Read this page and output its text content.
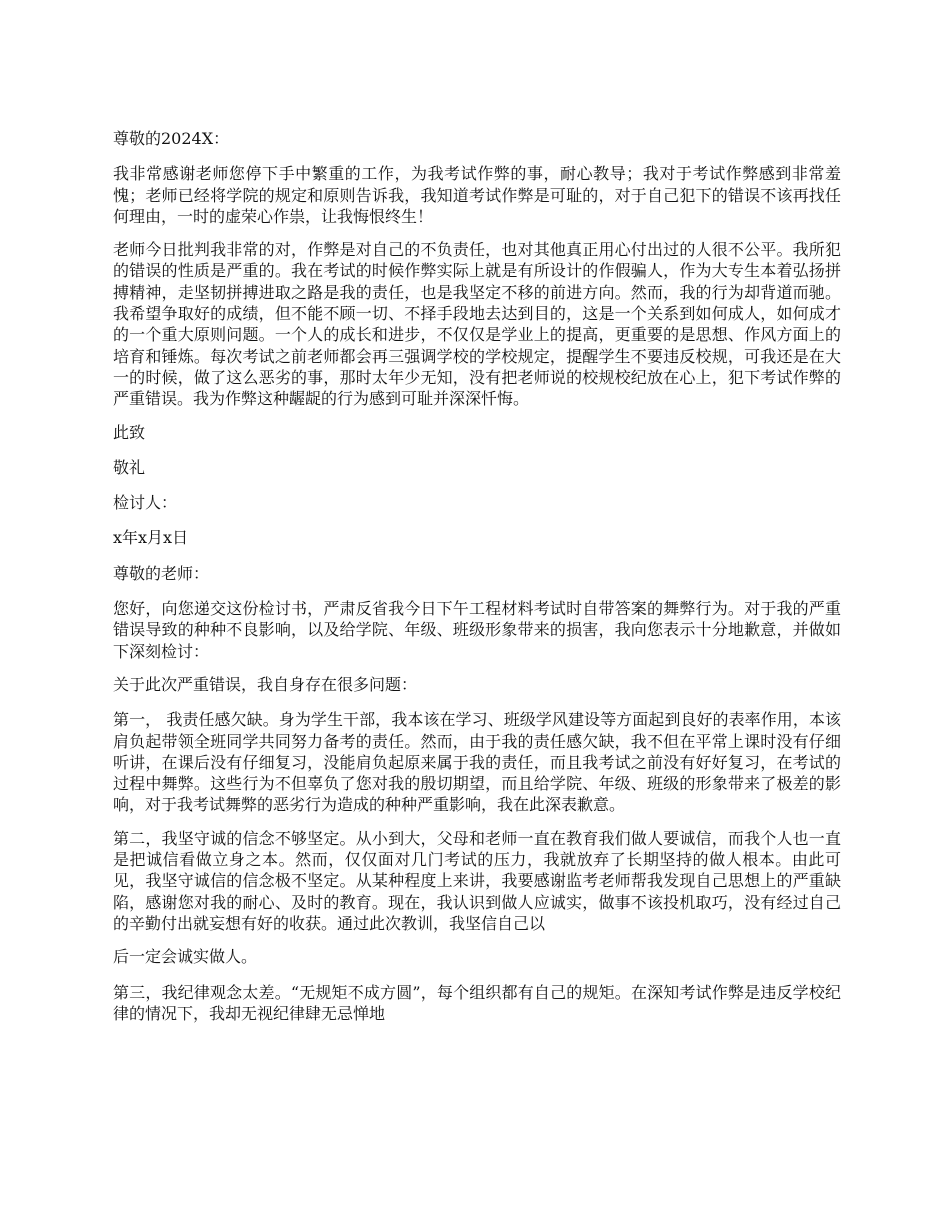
尊敬的2024X：

我非常感谢老师您停下手中繁重的工作，为我考试作弊的事，耐心教导；我对于考试作弊感到非常羞愧；老师已经将学院的规定和原则告诉我，我知道考试作弊是可耻的，对于自己犯下的错误不该再找任何理由，一时的虚荣心作祟，让我悔恨终生！

老师今日批判我非常的对，作弊是对自己的不负责任，也对其他真正用心付出过的人很不公平。我所犯的错误的性质是严重的。我在考试的时候作弊实际上就是有所设计的作假骗人，作为大专生本着弘扬拼搏精神，走坚韧拼搏进取之路是我的责任，也是我坚定不移的前进方向。然而，我的行为却背道而驰。我希望争取好的成绩，但不能不顾一切、不择手段地去达到目的，这是一个关系到如何成人，如何成才的一个重大原则问题。一个人的成长和进步，不仅仅是学业上的提高，更重要的是思想、作风方面上的培育和锤炼。每次考试之前老师都会再三强调学校的学校规定，提醒学生不要违反校规，可我还是在大一的时候，做了这么恶劣的事，那时太年少无知，没有把老师说的校规校纪放在心上，犯下考试作弊的严重错误。我为作弊这种龌龊的行为感到可耻并深深忏悔。

此致

敬礼

检讨人：

x年x月x日

尊敬的老师：

您好，向您递交这份检讨书，严肃反省我今日下午工程材料考试时自带答案的舞弊行为。对于我的严重错误导致的种种不良影响，以及给学院、年级、班级形象带来的损害，我向您表示十分地歉意，并做如下深刻检讨：

关于此次严重错误，我自身存在很多问题：

第一， 我责任感欠缺。身为学生干部，我本该在学习、班级学风建设等方面起到良好的表率作用，本该肩负起带领全班同学共同努力备考的责任。然而，由于我的责任感欠缺，我不但在平常上课时没有仔细听讲，在课后没有仔细复习，没能肩负起原来属于我的责任，而且我考试之前没有好好复习，在考试的过程中舞弊。这些行为不但辜负了您对我的殷切期望，而且给学院、年级、班级的形象带来了极差的影响，对于我考试舞弊的恶劣行为造成的种种严重影响，我在此深表歉意。

第二，我坚守诚的信念不够坚定。从小到大，父母和老师一直在教育我们做人要诚信，而我个人也一直是把诚信看做立身之本。然而，仅仅面对几门考试的压力，我就放弃了长期坚持的做人根本。由此可见，我坚守诚信的信念极不坚定。从某种程度上来讲，我要感谢监考老师帮我发现自己思想上的严重缺陷，感谢您对我的耐心、及时的教育。现在，我认识到做人应诚实，做事不该投机取巧，没有经过自己的辛勤付出就妄想有好的收获。通过此次教训，我坚信自己以

后一定会诚实做人。

第三，我纪律观念太差。“无规矩不成方圆”，每个组织都有自己的规矩。在深知考试作弊是违反学校纪律的情况下，我却无视纪律肆无忌惮地
